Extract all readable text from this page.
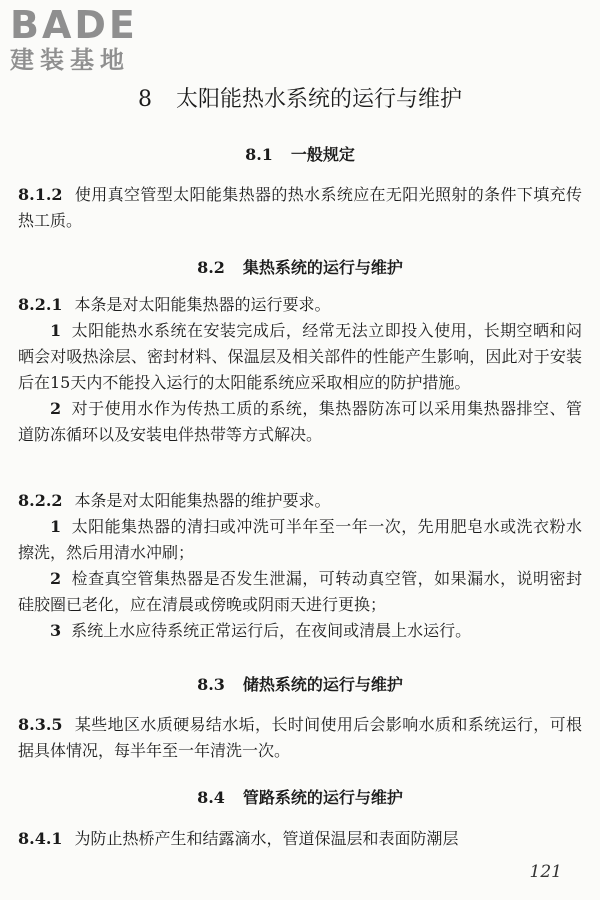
BADE
建装基地
8 太阳能热水系统的运行与维护
8.1 一般规定
8.1.2 使用真空管型太阳能集热器的热水系统应在无阳光照射的条件下填充传热工质。
8.2 集热系统的运行与维护
8.2.1 本条是对太阳能集热器的运行要求。
1 太阳能热水系统在安装完成后，经常无法立即投入使用，长期空晒和闷晒会对吸热涂层、密封材料、保温层及相关部件的性能产生影响，因此对于安装后在15天内不能投入运行的太阳能系统应采取相应的防护措施。
2 对于使用水作为传热工质的系统，集热器防冻可以采用集热器排空、管道防冻循环以及安装电伴热带等方式解决。
8.2.2 本条是对太阳能集热器的维护要求。
1 太阳能集热器的清扫或冲洗可半年至一年一次，先用肥皂水或洗衣粉水擦洗，然后用清水冲刷；
2 检查真空管集热器是否发生泄漏，可转动真空管，如果漏水，说明密封硅胶圈已老化，应在清晨或傍晚或阴雨天进行更换；
3 系统上水应待系统正常运行后，在夜间或清晨上水运行。
8.3 储热系统的运行与维护
8.3.5 某些地区水质硬易结水垢，长时间使用后会影响水质和系统运行，可根据具体情况，每半年至一年清洗一次。
8.4 管路系统的运行与维护
8.4.1 为防止热桥产生和结露滴水，管道保温层和表面防潮层
121
